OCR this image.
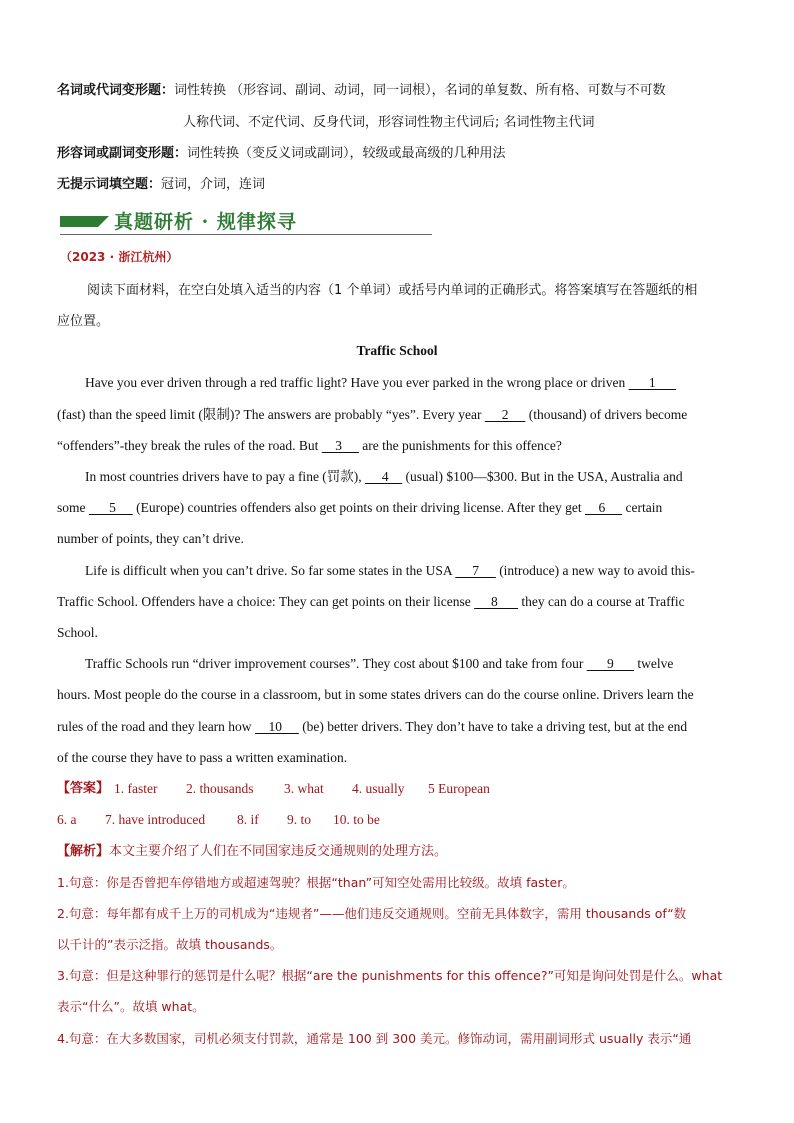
名词或代词变形题：词性转换 （形容词、副词、动词，同一词根），名词的单复数、所有格、可数与不可数
人称代词、不定代词、反身代词，形容词性物主代词后; 名词性物主代词
形容词或副词变形题：词性转换（变反义词或副词），较级或最高级的几种用法
无提示词填空题：冠词，介词，连词
真题研析 · 规律探寻
（2023 · 浙江杭州）
阅读下面材料，在空白处填入适当的内容（1 个单词）或括号内单词的正确形式。将答案填写在答题纸的相
应位置。
Traffic School
Have you ever driven through a red traffic light? Have you ever parked in the wrong place or driven       1
(fast) than the speed limit (限制)? The answers are probably “yes”. Every year      2      (thousand) of drivers become
“offenders”-they break the rules of the road. But     3      are the punishments for this offence?
In most countries drivers have to pay a fine (罚款),      4     (usual) $100—$300. But in the USA, Australia and
some       5      (Europe) countries offenders also get points on their driving license. After they get     6      certain
number of points, they can’t drive.
Life is difficult when you can’t drive. So far some states in the USA      7      (introduce) a new way to avoid this-
Traffic School. Offenders have a choice: They can get points on their license      8       they can do a course at Traffic
School.
Traffic Schools run “driver improvement courses”. They cost about $100 and take from four       9       twelve
hours. Most people do the course in a classroom, but in some states drivers can do the course online. Drivers learn the
rules of the road and they learn how     10      (be) better drivers. They don’t have to take a driving test, but at the end
of the course they have to pass a written examination.
【答案】 1. faster 2. thousands 3. what 4. usually 5 European
6. a 7. have introduced 8. if 9. to 10. to be
【解析】本文主要介绍了人们在不同国家违反交通规则的处理方法。
1.句意：你是否曾把车停错地方或超速驾驶？根据“than”可知空处需用比较级。故填 faster。
2.句意：每年都有成千上万的司机成为“违规者”——他们违反交通规则。空前无具体数字，需用 thousands of“数
以千计的”表示泛指。故填 thousands。
3.句意：但是这种罪行的惩罚是什么呢？根据“are the punishments for this offence?”可知是询问处罚是什么。what
表示“什么”。故填 what。
4.句意：在大多数国家，司机必须支付罚款，通常是 100 到 300 美元。修饰动词，需用副词形式 usually 表示“通
